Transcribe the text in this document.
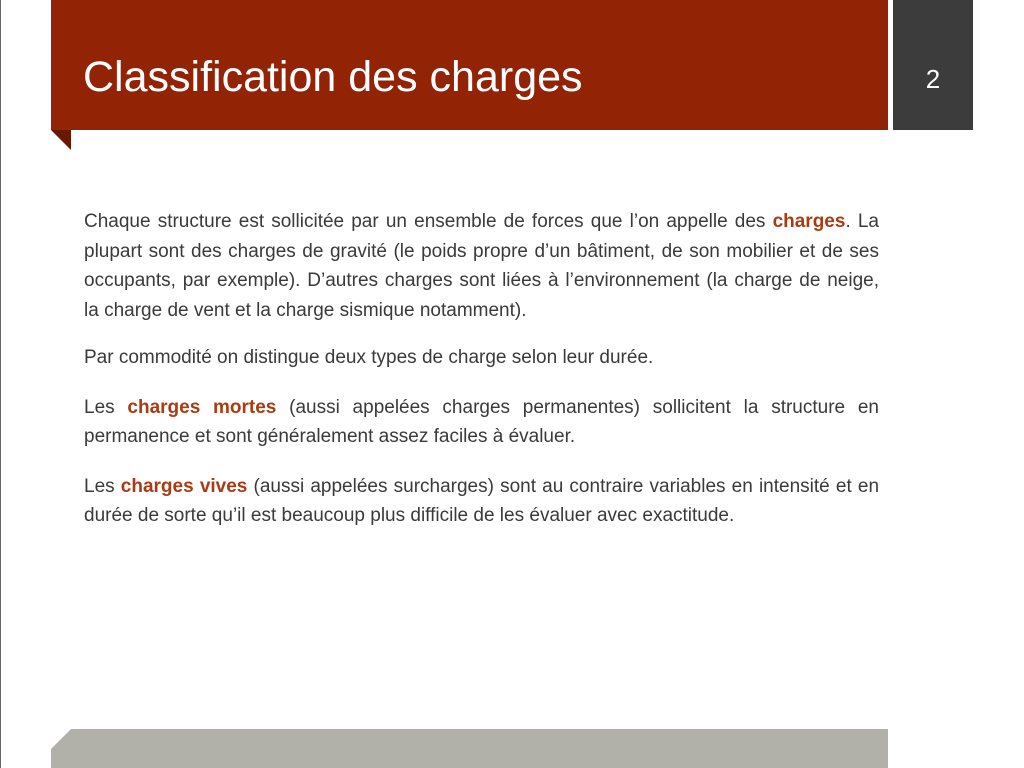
Classification des charges	2

Chaque structure est sollicitée par un ensemble de forces que l’on appelle des charges. La plupart sont des charges de gravité (le poids propre d’un bâtiment, de son mobilier et de ses occupants, par exemple). D’autres charges sont liées à l’environnement (la charge de neige, la charge de vent et la charge sismique notamment).

Par commodité on distingue deux types de charge selon leur durée.

Les charges mortes (aussi appelées charges permanentes) sollicitent la structure en permanence et sont généralement assez faciles à évaluer.

Les charges vives (aussi appelées surcharges) sont au contraire variables en intensité et en durée de sorte qu’il est beaucoup plus difficile de les évaluer avec exactitude.
